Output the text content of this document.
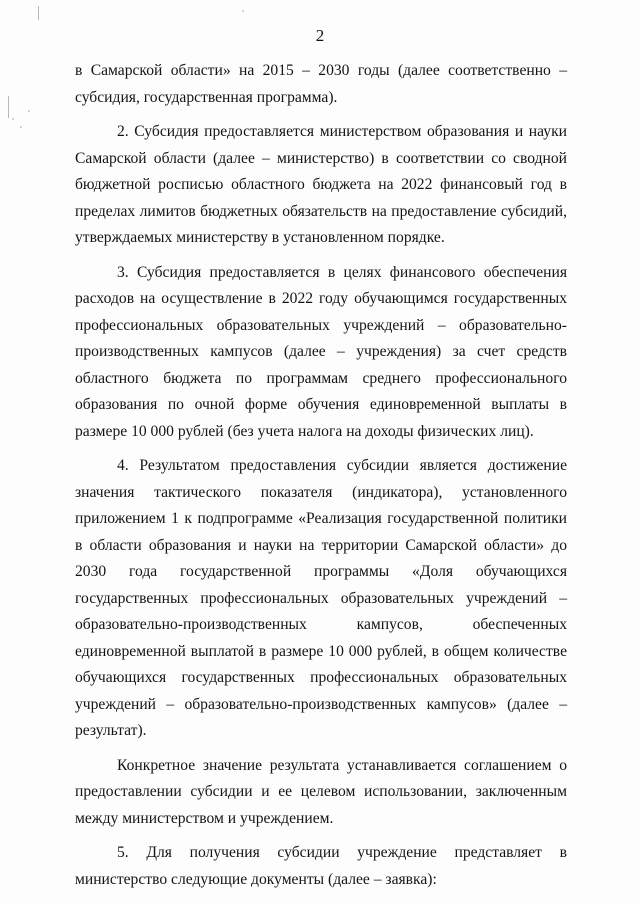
2

в Самарской области» на 2015 – 2030 годы (далее соответственно – субсидия, государственная программа).

2. Субсидия предоставляется министерством образования и науки Самарской области (далее – министерство) в соответствии со сводной бюджетной росписью областного бюджета на 2022 финансовый год в пределах лимитов бюджетных обязательств на предоставление субсидий, утверждаемых министерству в установленном порядке.

3. Субсидия предоставляется в целях финансового обеспечения расходов на осуществление в 2022 году обучающимся государственных профессиональных образовательных учреждений – образовательно-производственных кампусов (далее – учреждения) за счет средств областного бюджета по программам среднего профессионального образования по очной форме обучения единовременной выплаты в размере 10 000 рублей (без учета налога на доходы физических лиц).

4. Результатом предоставления субсидии является достижение значения тактического показателя (индикатора), установленного приложением 1 к подпрограмме «Реализация государственной политики в области образования и науки на территории Самарской области» до 2030 года государственной программы «Доля обучающихся государственных профессиональных образовательных учреждений – образовательно-производственных кампусов, обеспеченных единовременной выплатой в размере 10 000 рублей, в общем количестве обучающихся государственных профессиональных образовательных учреждений – образовательно-производственных кампусов» (далее – результат).

Конкретное значение результата устанавливается соглашением о предоставлении субсидии и ее целевом использовании, заключенным между министерством и учреждением.

5. Для получения субсидии учреждение представляет в министерство следующие документы (далее – заявка):
